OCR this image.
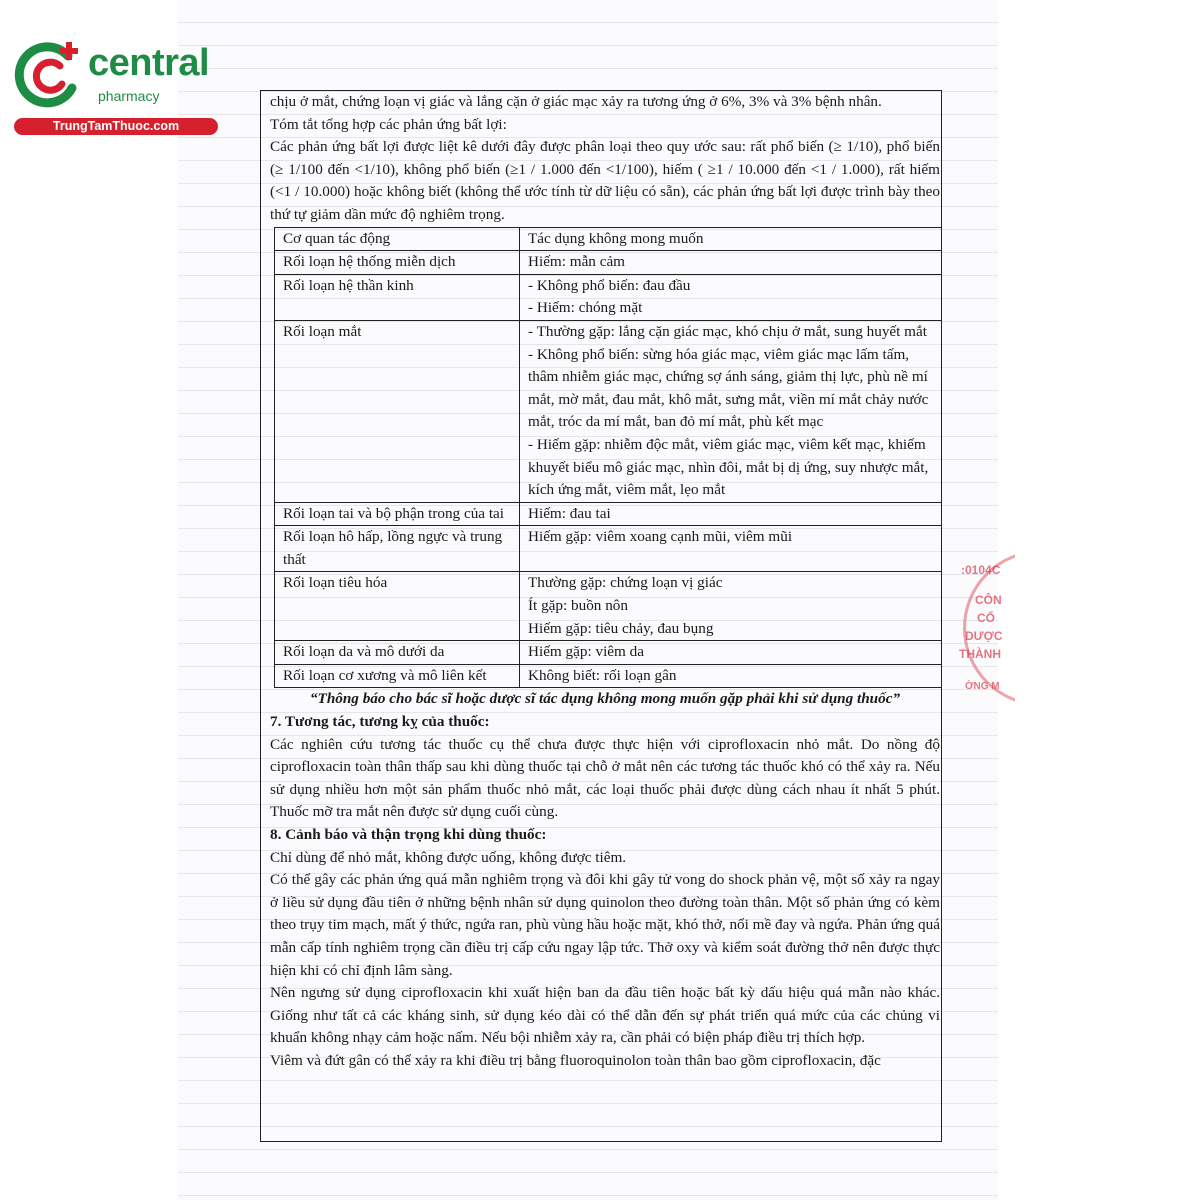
central
pharmacy
TrungTamThuoc.com
:0104C
CÔN
CỔ
DƯỢC
THÀNH
ỜNG M

chịu ở mắt, chứng loạn vị giác và lắng cặn ở giác mạc xảy ra tương ứng ở 6%, 3% và 3% bệnh nhân.

Tóm tắt tổng hợp các phản ứng bất lợi:

Các phản ứng bất lợi được liệt kê dưới đây được phân loại theo quy ước sau: rất phổ biến (≥ 1/10), phổ biến (≥ 1/100 đến <1/10), không phổ biến (≥1 / 1.000 đến <1/100), hiếm ( ≥1 / 10.000 đến <1 / 1.000), rất hiếm (<1 / 10.000) hoặc không biết (không thể ước tính từ dữ liệu có sẵn), các phản ứng bất lợi được trình bày theo thứ tự giảm dần mức độ nghiêm trọng.

Cơ quan tác động	Tác dụng không mong muốn
Rối loạn hệ thống miễn dịch	Hiếm: mẫn cảm

Rối loạn hệ thần kinh	- Không phổ biến: đau đầu
- Hiếm: chóng mặt

Rối loạn mắt	- Thường gặp: lắng cặn giác mạc, khó chịu ở mắt, sung huyết mắt
- Không phổ biến: sừng hóa giác mạc, viêm giác mạc lấm tấm, thâm nhiễm giác mạc, chứng sợ ánh sáng, giảm thị lực, phù nề mí mắt, mờ mắt, đau mắt, khô mắt, sưng mắt, viền mí mắt chảy nước mắt, tróc da mí mắt, ban đỏ mí mắt, phù kết mạc
- Hiếm gặp: nhiễm độc mắt, viêm giác mạc, viêm kết mạc, khiếm khuyết biểu mô giác mạc, nhìn đôi, mắt bị dị ứng, suy nhược mắt, kích ứng mắt, viêm mắt, lẹo mắt

Rối loạn tai và bộ phận trong của tai	Hiếm: đau tai

Rối loạn hô hấp, lồng ngực và trung thất	Hiếm gặp: viêm xoang cạnh mũi, viêm mũi

Rối loạn tiêu hóa	Thường gặp: chứng loạn vị giác
Ít gặp: buồn nôn
Hiếm gặp: tiêu chảy, đau bụng

Rối loạn da và mô dưới da	Hiếm gặp: viêm da

Rối loạn cơ xương và mô liên kết	Không biết: rối loạn gân

“Thông báo cho bác sĩ hoặc dược sĩ tác dụng không mong muốn gặp phải khi sử dụng thuốc”

7. Tương tác, tương kỵ của thuốc:

Các nghiên cứu tương tác thuốc cụ thể chưa được thực hiện với ciprofloxacin nhỏ mắt. Do nồng độ ciprofloxacin toàn thân thấp sau khi dùng thuốc tại chỗ ở mắt nên các tương tác thuốc khó có thể xảy ra. Nếu sử dụng nhiều hơn một sản phẩm thuốc nhỏ mắt, các loại thuốc phải được dùng cách nhau ít nhất 5 phút. Thuốc mỡ tra mắt nên được sử dụng cuối cùng.

8. Cảnh báo và thận trọng khi dùng thuốc:

Chỉ dùng để nhỏ mắt, không được uống, không được tiêm.

Có thể gây các phản ứng quá mẫn nghiêm trọng và đôi khi gây tử vong do shock phản vệ, một số xảy ra ngay ở liều sử dụng đầu tiên ở những bệnh nhân sử dụng quinolon theo đường toàn thân. Một số phản ứng có kèm theo trụy tim mạch, mất ý thức, ngứa ran, phù vùng hầu hoặc mặt, khó thở, nổi mề đay và ngứa. Phản ứng quá mẫn cấp tính nghiêm trọng cần điều trị cấp cứu ngay lập tức. Thở oxy và kiểm soát đường thở nên được thực hiện khi có chỉ định lâm sàng.

Nên ngưng sử dụng ciprofloxacin khi xuất hiện ban da đầu tiên hoặc bất kỳ dấu hiệu quá mẫn nào khác. Giống như tất cả các kháng sinh, sử dụng kéo dài có thể dẫn đến sự phát triển quá mức của các chủng vi khuẩn không nhạy cảm hoặc nấm. Nếu bội nhiễm xảy ra, cần phải có biện pháp điều trị thích hợp.

Viêm và đứt gân có thể xảy ra khi điều trị bằng fluoroquinolon toàn thân bao gồm ciprofloxacin, đặc
